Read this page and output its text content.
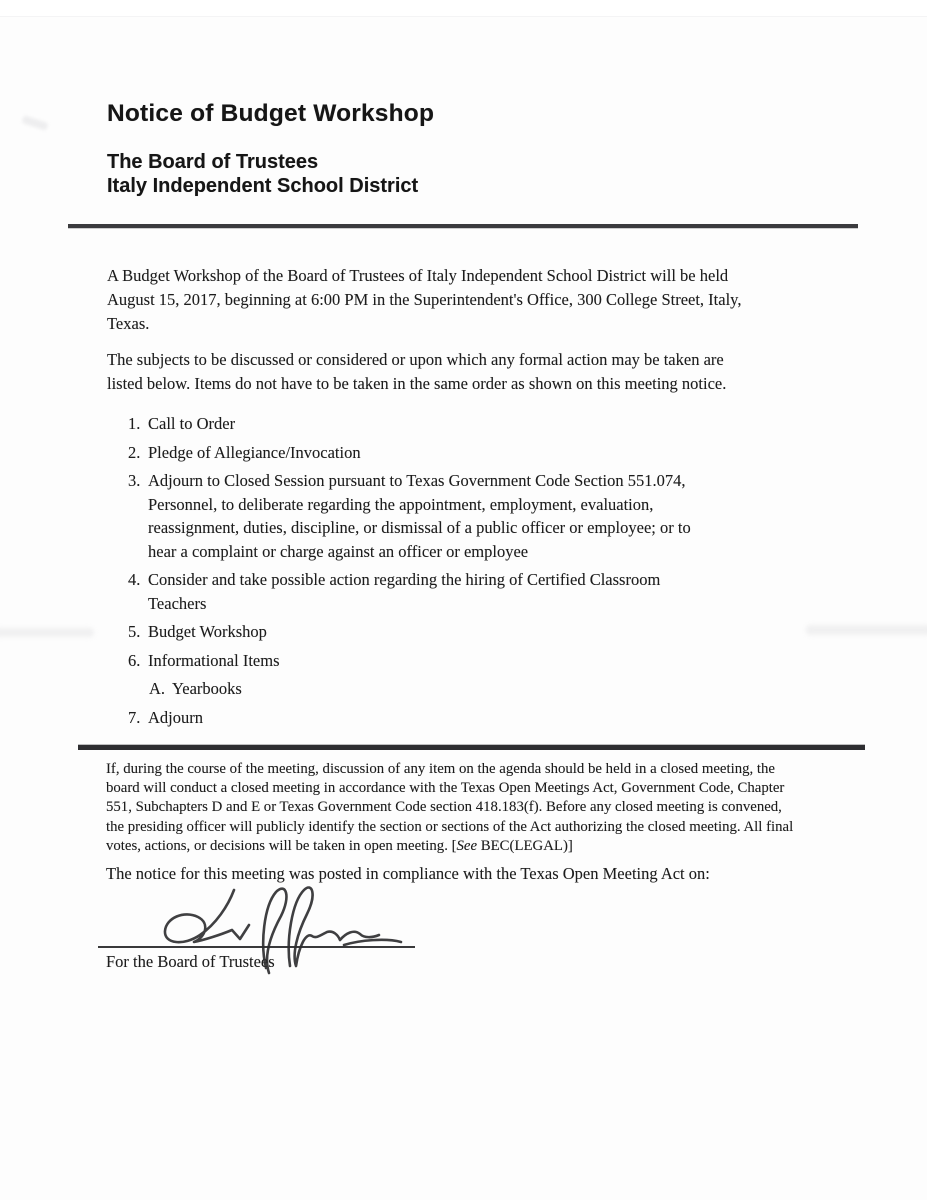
Notice of Budget Workshop
The Board of Trustees
Italy Independent School District
A Budget Workshop of the Board of Trustees of Italy Independent School District will be held
August 15, 2017, beginning at 6:00 PM in the Superintendent's Office, 300 College Street, Italy,
Texas.
The subjects to be discussed or considered or upon which any formal action may be taken are
listed below. Items do not have to be taken in the same order as shown on this meeting notice.
1. Call to Order
2. Pledge of Allegiance/Invocation
3. Adjourn to Closed Session pursuant to Texas Government Code Section 551.074,
Personnel, to deliberate regarding the appointment, employment, evaluation,
reassignment, duties, discipline, or dismissal of a public officer or employee; or to
hear a complaint or charge against an officer or employee
4. Consider and take possible action regarding the hiring of Certified Classroom
Teachers
5. Budget Workshop
6. Informational Items
A. Yearbooks
7. Adjourn
If, during the course of the meeting, discussion of any item on the agenda should be held in a closed meeting, the
board will conduct a closed meeting in accordance with the Texas Open Meetings Act, Government Code, Chapter
551, Subchapters D and E or Texas Government Code section 418.183(f). Before any closed meeting is convened,
the presiding officer will publicly identify the section or sections of the Act authorizing the closed meeting. All final
votes, actions, or decisions will be taken in open meeting. [See BEC(LEGAL)]
The notice for this meeting was posted in compliance with the Texas Open Meeting Act on:
For the Board of Trustees
